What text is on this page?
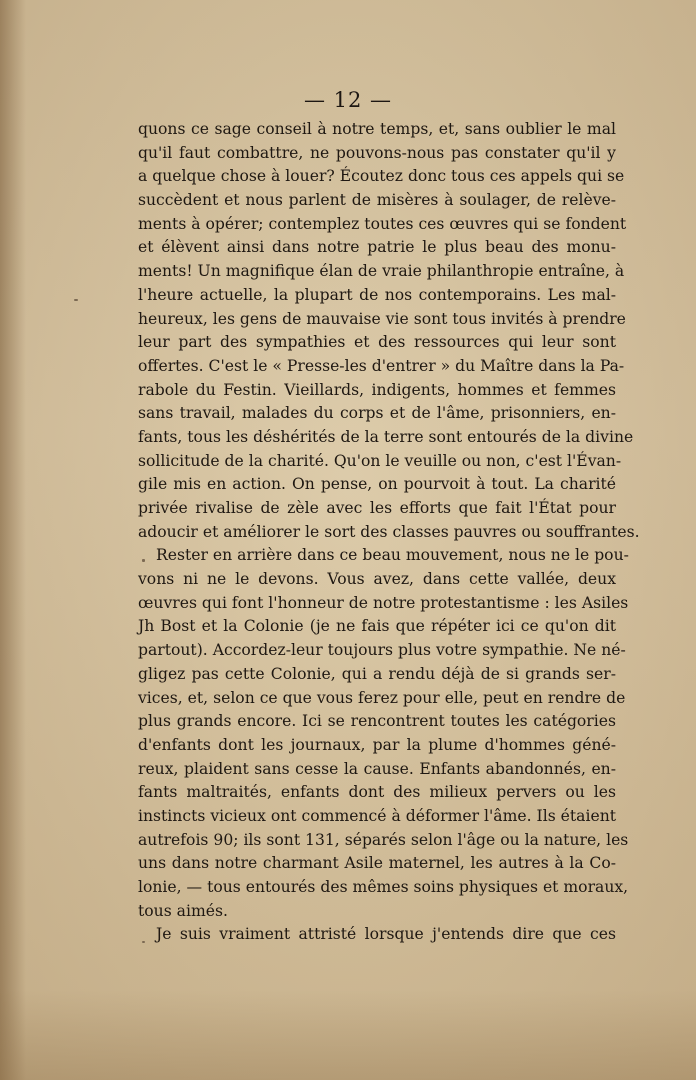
— 12 —
quons ce sage conseil à notre temps, et, sans oublier le mal
qu'il faut combattre, ne pouvons-nous pas constater qu'il y
a quelque chose à louer? Écoutez donc tous ces appels qui se
succèdent et nous parlent de misères à soulager, de relève-
ments à opérer; contemplez toutes ces œuvres qui se fondent
et élèvent ainsi dans notre patrie le plus beau des monu-
ments! Un magnifique élan de vraie philanthropie entraîne, à
l'heure actuelle, la plupart de nos contemporains. Les mal-
heureux, les gens de mauvaise vie sont tous invités à prendre
leur part des sympathies et des ressources qui leur sont
offertes. C'est le « Presse-les d'entrer » du Maître dans la Pa-
rabole du Festin. Vieillards, indigents, hommes et femmes
sans travail, malades du corps et de l'âme, prisonniers, en-
fants, tous les déshérités de la terre sont entourés de la divine
sollicitude de la charité. Qu'on le veuille ou non, c'est l'Évan-
gile mis en action. On pense, on pourvoit à tout. La charité
privée rivalise de zèle avec les efforts que fait l'État pour
adoucir et améliorer le sort des classes pauvres ou souffrantes.
Rester en arrière dans ce beau mouvement, nous ne le pou-
vons ni ne le devons. Vous avez, dans cette vallée, deux
œuvres qui font l'honneur de notre protestantisme : les Asiles
Jh Bost et la Colonie (je ne fais que répéter ici ce qu'on dit
partout). Accordez-leur toujours plus votre sympathie. Ne né-
gligez pas cette Colonie, qui a rendu déjà de si grands ser-
vices, et, selon ce que vous ferez pour elle, peut en rendre de
plus grands encore. Ici se rencontrent toutes les catégories
d'enfants dont les journaux, par la plume d'hommes géné-
reux, plaident sans cesse la cause. Enfants abandonnés, en-
fants maltraités, enfants dont des milieux pervers ou les
instincts vicieux ont commencé à déformer l'âme. Ils étaient
autrefois 90; ils sont 131, séparés selon l'âge ou la nature, les
uns dans notre charmant Asile maternel, les autres à la Co-
lonie, — tous entourés des mêmes soins physiques et moraux,
tous aimés.
Je suis vraiment attristé lorsque j'entends dire que ces
